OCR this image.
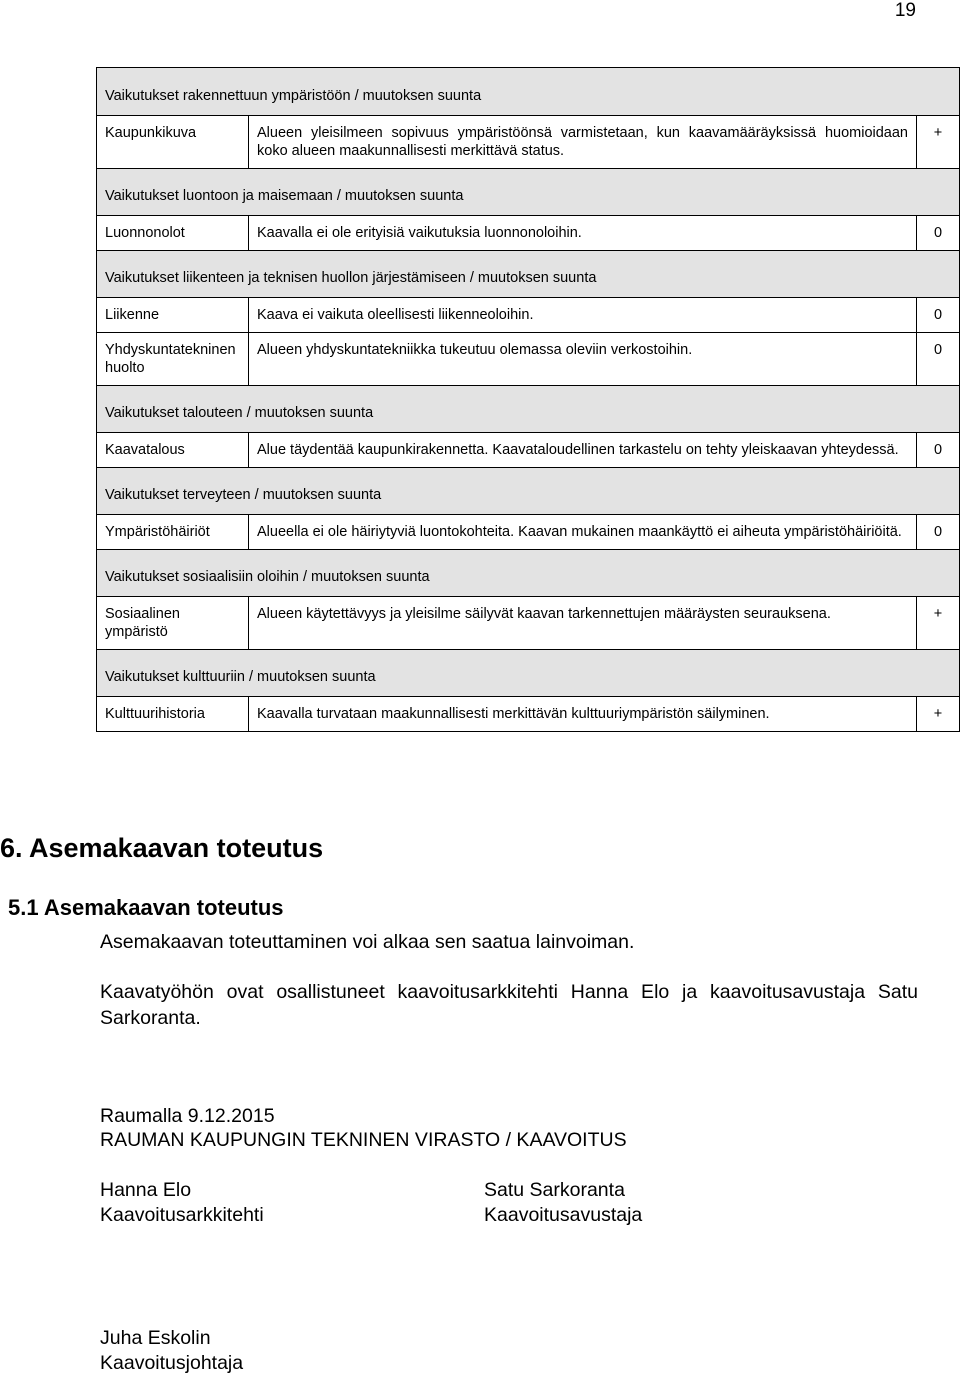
19
Vaikutukset rakennettuun ympäristöön / muutoksen suunta		
Kaupunkikuva	Alueen yleisilmeen sopivuus ympäristöönsä varmistetaan, kun kaavamääräyksissä huomioidaan koko alueen maakunnallisesti merkittävä status.	+
Vaikutukset luontoon ja maisemaan / muutoksen suunta		
Luonnonolot	Kaavalla ei ole erityisiä vaikutuksia luonnonoloihin.	0
Vaikutukset liikenteen ja teknisen huollon järjestämiseen / muutoksen suunta		
Liikenne	Kaava ei vaikuta oleellisesti liikenneoloihin.	0
Yhdyskuntatekninen huolto	Alueen yhdyskuntatekniikka tukeutuu olemassa oleviin verkostoihin.	0
Vaikutukset talouteen / muutoksen suunta		
Kaavatalous	Alue täydentää kaupunkirakennetta. Kaavataloudellinen tarkastelu on tehty yleiskaavan yhteydessä.	0
Vaikutukset terveyteen / muutoksen suunta		
Ympäristöhäiriöt	Alueella ei ole häiriytyviä luontokohteita. Kaavan mukainen maankäyttö ei aiheuta ympäristöhäiriöitä.	0
Vaikutukset sosiaalisiin oloihin / muutoksen suunta		
Sosiaalinen ympäristö	Alueen käytettävyys ja yleisilme säilyvät kaavan tarkennettujen määräysten seurauksena.	+
Vaikutukset kulttuuriin / muutoksen suunta		
Kulttuurihistoria	Kaavalla turvataan maakunnallisesti merkittävän kulttuuriympäristön säilyminen.	+
6. Asemakaavan toteutus
5.1 Asemakaavan toteutus

Asemakaavan toteuttaminen voi alkaa sen saatua lainvoiman.

Kaavatyöhön ovat osallistuneet kaavoitusarkkitehti Hanna Elo ja kaavoitusavustaja Satu Sarkoranta.

Raumalla 9.12.2015

RAUMAN KAUPUNGIN TEKNINEN VIRASTO / KAAVOITUS

Hanna Elo

Kaavoitusarkkitehti

Satu Sarkoranta

Kaavoitusavustaja

Juha Eskolin

Kaavoitusjohtaja
